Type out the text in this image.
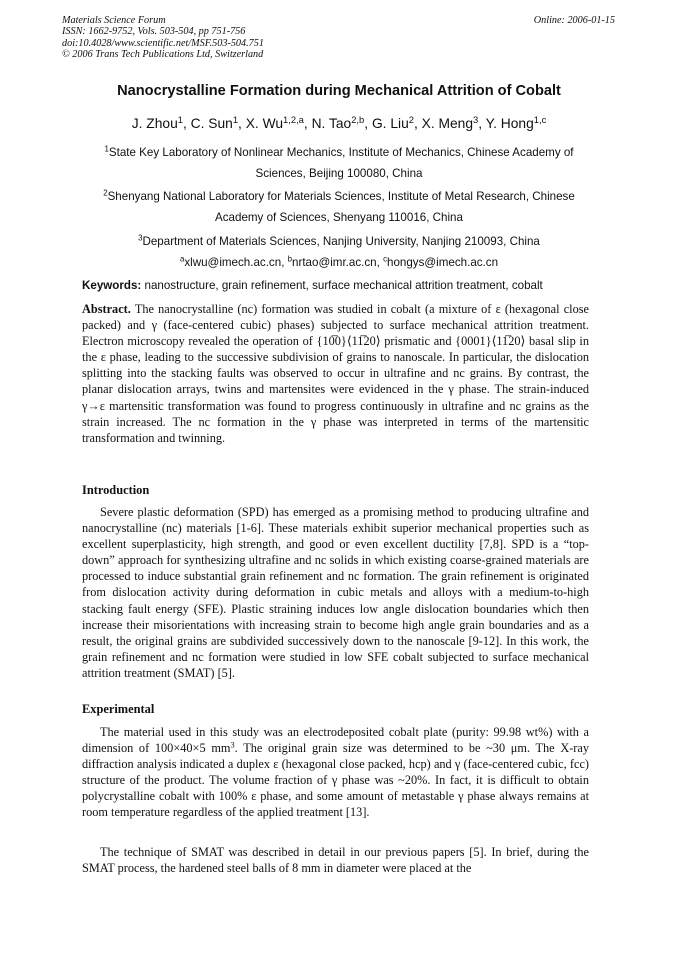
Materials Science Forum
ISSN: 1662-9752, Vols. 503-504, pp 751-756
doi:10.4028/www.scientific.net/MSF.503-504.751
© 2006 Trans Tech Publications Ltd, Switzerland
Online: 2006-01-15
Nanocrystalline Formation during Mechanical Attrition of Cobalt
J. Zhou$^1$, C. Sun$^1$, X. Wu$^{1,2,a}$, N. Tao$^{2,b}$, G. Liu$^2$, X. Meng$^3$, Y. Hong$^{1,c}$
$^1$State Key Laboratory of Nonlinear Mechanics, Institute of Mechanics, Chinese Academy of
Sciences, Beijing 100080, China
$^2$Shenyang National Laboratory for Materials Sciences, Institute of Metal Research, Chinese
Academy of Sciences, Shenyang 110016, China
$^3$Department of Materials Sciences, Nanjing University, Nanjing 210093, China
$^a$xlwu@imech.ac.cn, $^b$nrtao@imr.ac.cn, $^c$hongys@imech.ac.cn
Keywords: nanostructure, grain refinement, surface mechanical attrition treatment, cobalt
Abstract. The nanocrystalline (nc) formation was studied in cobalt (a mixture of ε (hexagonal close packed) and γ (face-centered cubic) phases) subjected to surface mechanical attrition treatment. Electron microscopy revealed the operation of {10̅0}⟨11̅20⟩ prismatic and {0001}⟨11̅20⟩ basal slip in the ε phase, leading to the successive subdivision of grains to nanoscale. In particular, the dislocation splitting into the stacking faults was observed to occur in ultrafine and nc grains. By contrast, the planar dislocation arrays, twins and martensites were evidenced in the γ phase. The strain-induced γ→ε martensitic transformation was found to progress continuously in ultrafine and nc grains as the strain increased. The nc formation in the γ phase was interpreted in terms of the martensitic transformation and twinning.
Introduction
Severe plastic deformation (SPD) has emerged as a promising method to producing ultrafine and nanocrystalline (nc) materials [1-6]. These materials exhibit superior mechanical properties such as excellent superplasticity, high strength, and good or even excellent ductility [7,8]. SPD is a “top-down” approach for synthesizing ultrafine and nc solids in which existing coarse-grained materials are processed to induce substantial grain refinement and nc formation. The grain refinement is originated from dislocation activity during deformation in cubic metals and alloys with a medium-to-high stacking fault energy (SFE). Plastic straining induces low angle dislocation boundaries which then increase their misorientations with increasing strain to become high angle grain boundaries and as a result, the original grains are subdivided successively down to the nanoscale [9-12]. In this work, the grain refinement and nc formation were studied in low SFE cobalt subjected to surface mechanical attrition treatment (SMAT) [5].
Experimental
The material used in this study was an electrodeposited cobalt plate (purity: 99.98 wt%) with a dimension of 100×40×5 $mm^3$. The original grain size was determined to be ~30 μm. The X-ray diffraction analysis indicated a duplex ε (hexagonal close packed, hcp) and γ (face-centered cubic, fcc) structure of the product. The volume fraction of γ phase was ~20%. In fact, it is difficult to obtain polycrystalline cobalt with 100% ε phase, and some amount of metastable γ phase always remains at room temperature regardless of the applied treatment [13].
The technique of SMAT was described in detail in our previous papers [5]. In brief, during the SMAT process, the hardened steel balls of 8 mm in diameter were placed at the
